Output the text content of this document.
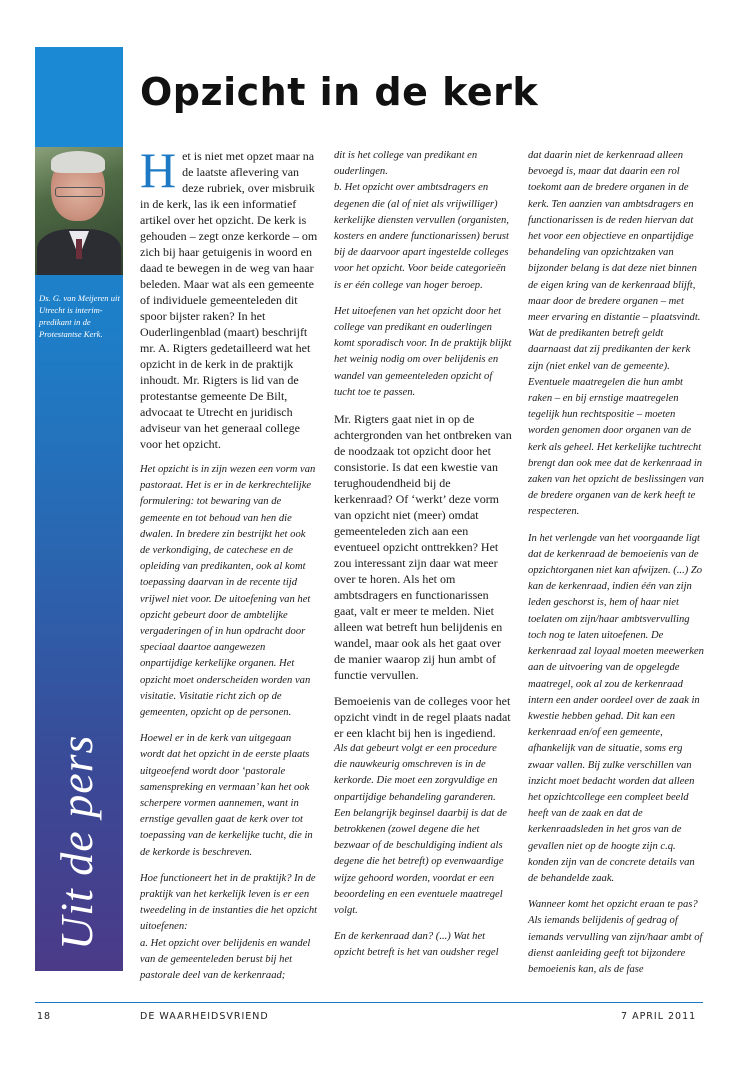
Ds. G. van Meijeren uit Utrecht is interim-predikant in de Protestantse Kerk.
Uit de pers
Opzicht in de kerk

Het is niet met opzet maar na de laatste aflevering van deze rubriek, over misbruik in de kerk, las ik een informatief artikel over het opzicht. De kerk is gehouden – zegt onze kerkorde – om zich bij haar getuigenis in woord en daad te bewegen in de weg van haar beleden. Maar wat als een gemeente of individuele gemeenteleden dit spoor bijster raken? In het Ouderlingenblad (maart) beschrijft mr. A. Rigters gedetailleerd wat het opzicht in de kerk in de praktijk inhoudt. Mr. Rigters is lid van de protestantse gemeente De Bilt, advocaat te Utrecht en juridisch adviseur van het generaal college voor het opzicht.

Het opzicht is in zijn wezen een vorm van pastoraat. Het is er in de kerkrechtelijke formulering: tot bewaring van de gemeente en tot behoud van hen die dwalen. In bredere zin bestrijkt het ook de verkondiging, de catechese en de opleiding van predikanten, ook al komt toepassing daarvan in de recente tijd vrijwel niet voor. De uitoefening van het opzicht gebeurt door de ambtelijke vergaderingen of in hun opdracht door speciaal daartoe aangewezen onpartijdige kerkelijke organen. Het opzicht moet onderscheiden worden van visitatie. Visitatie richt zich op de gemeenten, opzicht op de personen.

Hoewel er in de kerk van uitgegaan wordt dat het opzicht in de eerste plaats uitgeoefend wordt door ‘pastorale samenspreking en vermaan’ kan het ook scherpere vormen aannemen, want in ernstige gevallen gaat de kerk over tot toepassing van de kerkelijke tucht, die in de kerkorde is beschreven.

Hoe functioneert het in de praktijk? In de praktijk van het kerkelijk leven is er een tweedeling in de instanties die het opzicht uitoefenen:

a. Het opzicht over belijdenis en wandel van de gemeenteleden berust bij het pastorale deel van de kerkenraad;

dit is het college van predikant en ouderlingen.

b. Het opzicht over ambtsdragers en degenen die (al of niet als vrijwilliger) kerkelijke diensten vervullen (organisten, kosters en andere functionarissen) berust bij de daarvoor apart ingestelde colleges voor het opzicht. Voor beide categorieën is er één college van hoger beroep.

Het uitoefenen van het opzicht door het college van predikant en ouderlingen komt sporadisch voor. In de praktijk blijkt het weinig nodig om over belijdenis en wandel van gemeenteleden opzicht of tucht toe te passen.

Mr. Rigters gaat niet in op de achtergronden van het ontbreken van de noodzaak tot opzicht door het consistorie. Is dat een kwestie van terughoudendheid bij de kerkenraad? Of ‘werkt’ deze vorm van opzicht niet (meer) omdat gemeenteleden zich aan een eventueel opzicht onttrekken? Het zou interessant zijn daar wat meer over te horen. Als het om ambtsdragers en functionarissen gaat, valt er meer te melden. Niet alleen wat betreft hun belijdenis en wandel, maar ook als het gaat over de manier waarop zij hun ambt of functie vervullen.

Bemoeienis van de colleges voor het opzicht vindt in de regel plaats nadat er een klacht bij hen is ingediend.

Als dat gebeurt volgt er een procedure die nauwkeurig omschreven is in de kerkorde. Die moet een zorgvuldige en onpartijdige behandeling garanderen. Een belangrijk beginsel daarbij is dat de betrokkenen (zowel degene die het bezwaar of de beschuldiging indient als degene die het betreft) op evenwaardige wijze gehoord worden, voordat er een beoordeling en een eventuele maatregel volgt.

En de kerkenraad dan? (...) Wat het opzicht betreft is het van oudsher regel

dat daarin niet de kerkenraad alleen bevoegd is, maar dat daarin een rol toekomt aan de bredere organen in de kerk. Ten aanzien van ambtsdragers en functionarissen is de reden hiervan dat het voor een objectieve en onpartijdige behandeling van opzichtzaken van bijzonder belang is dat deze niet binnen de eigen kring van de kerkenraad blijft, maar door de bredere organen – met meer ervaring en distantie – plaatsvindt. Wat de predikanten betreft geldt daarnaast dat zij predikanten der kerk zijn (niet enkel van de gemeente). Eventuele maatregelen die hun ambt raken – en bij ernstige maatregelen tegelijk hun rechtspositie – moeten worden genomen door organen van de kerk als geheel. Het kerkelijke tuchtrecht brengt dan ook mee dat de kerkenraad in zaken van het opzicht de beslissingen van de bredere organen van de kerk heeft te respecteren.

In het verlengde van het voorgaande ligt dat de kerkenraad de bemoeienis van de opzichtorganen niet kan afwijzen. (...) Zo kan de kerkenraad, indien één van zijn leden geschorst is, hem of haar niet toelaten om zijn/haar ambtsvervulling toch nog te laten uitoefenen. De kerkenraad zal loyaal moeten meewerken aan de uitvoering van de opgelegde maatregel, ook al zou de kerkenraad intern een ander oordeel over de zaak in kwestie hebben gehad. Dit kan een kerkenraad en/of een gemeente, afhankelijk van de situatie, soms erg zwaar vallen. Bij zulke verschillen van inzicht moet bedacht worden dat alleen het opzichtcollege een compleet beeld heeft van de zaak en dat de kerkenraadsleden in het gros van de gevallen niet op de hoogte zijn c.q. konden zijn van de concrete details van de behandelde zaak.

Wanneer komt het opzicht eraan te pas?

Als iemands belijdenis of gedrag of iemands vervulling van zijn/haar ambt of dienst aanleiding geeft tot bijzondere bemoeienis kan, als de fase

18	DE WAARHEIDSVRIEND	7 APRIL 2011
